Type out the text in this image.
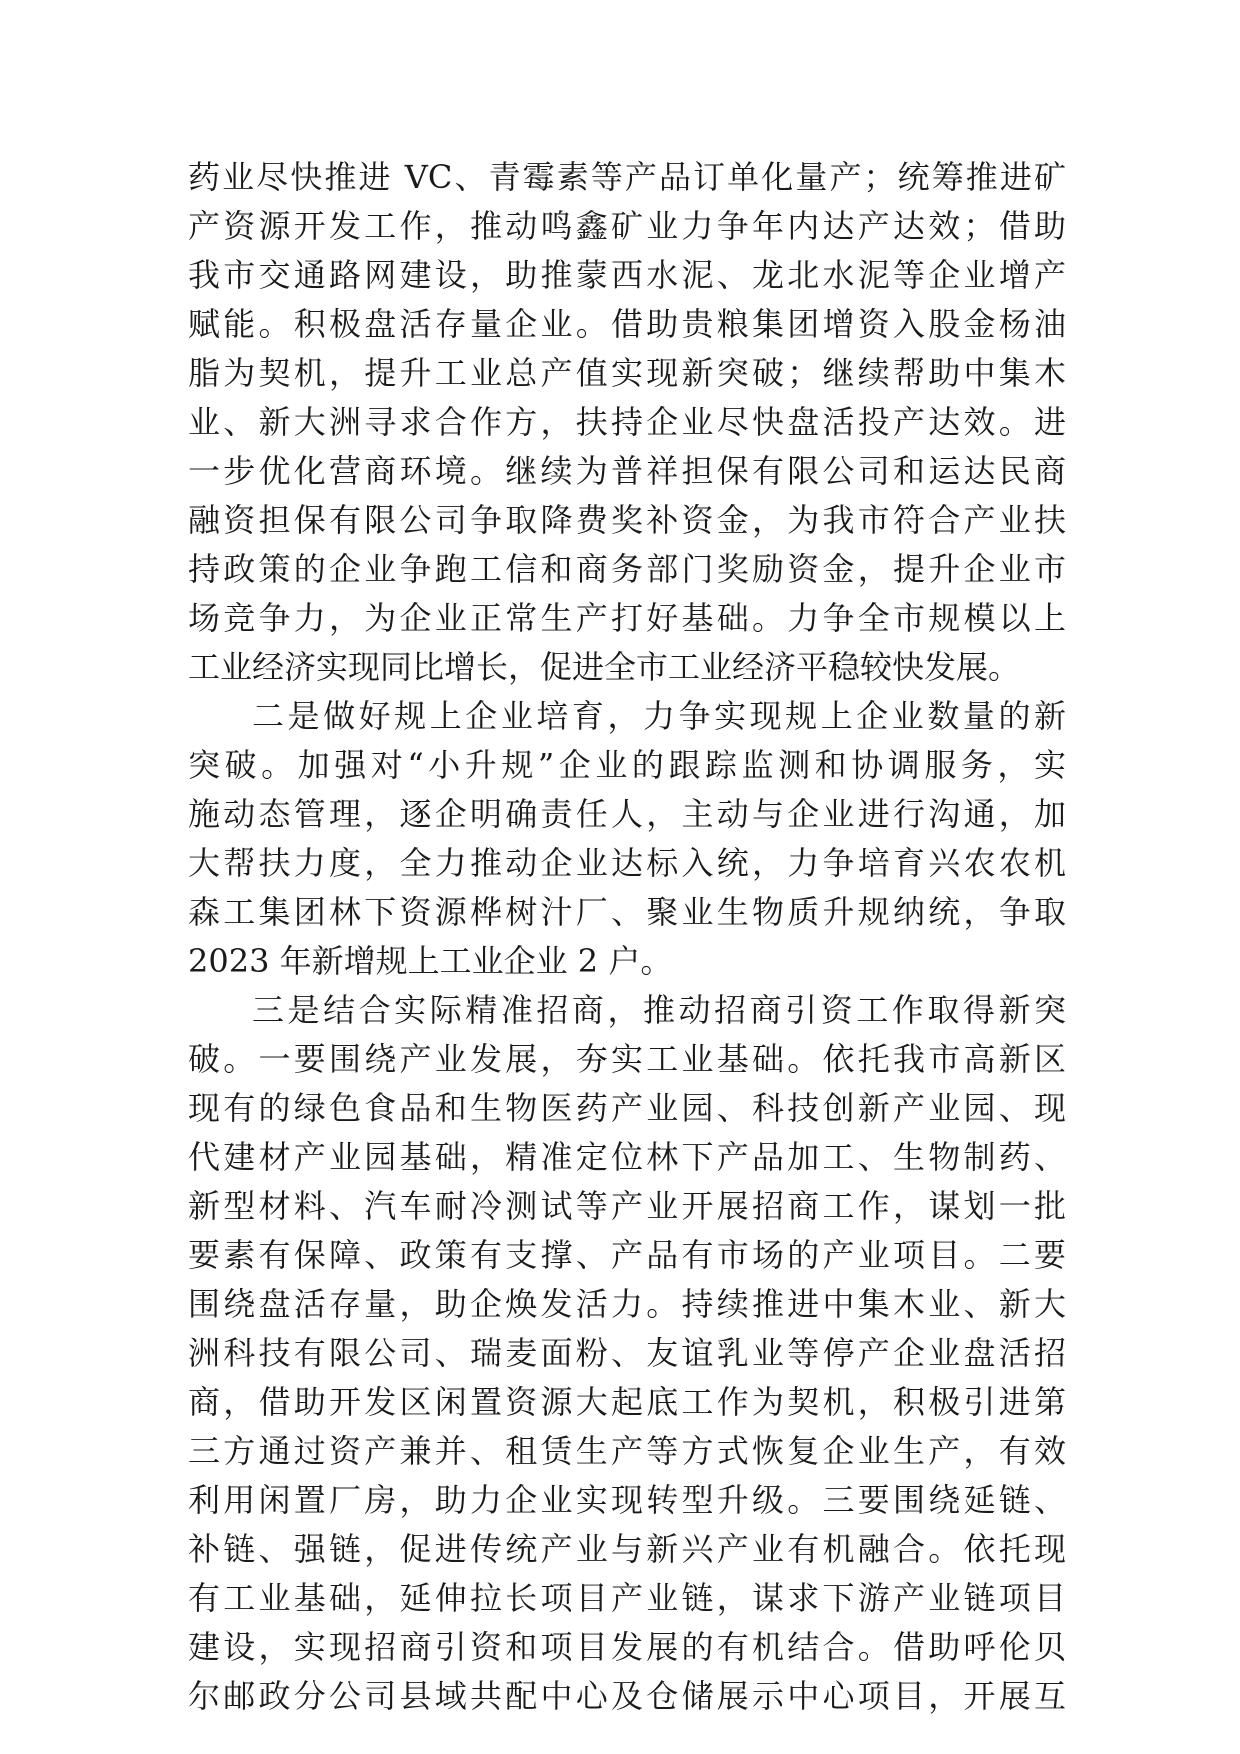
药业尽快推进 VC、青霉素等产品订单化量产；统筹推进矿
产资源开发工作，推动鸣鑫矿业力争年内达产达效；借助
我市交通路网建设，助推蒙西水泥、龙北水泥等企业增产
赋能。积极盘活存量企业。借助贵粮集团增资入股金杨油
脂为契机，提升工业总产值实现新突破；继续帮助中集木
业、新大洲寻求合作方，扶持企业尽快盘活投产达效。进
一步优化营商环境。继续为普祥担保有限公司和运达民商
融资担保有限公司争取降费奖补资金，为我市符合产业扶
持政策的企业争跑工信和商务部门奖励资金，提升企业市
场竞争力，为企业正常生产打好基础。力争全市规模以上
工业经济实现同比增长，促进全市工业经济平稳较快发展。
二是做好规上企业培育，力争实现规上企业数量的新
突破。加强对“小升规”企业的跟踪监测和协调服务，实
施动态管理，逐企明确责任人，主动与企业进行沟通，加
大帮扶力度，全力推动企业达标入统，力争培育兴农农机
森工集团林下资源桦树汁厂、聚业生物质升规纳统，争取
2023 年新增规上工业企业 2 户。
三是结合实际精准招商，推动招商引资工作取得新突
破。一要围绕产业发展，夯实工业基础。依托我市高新区
现有的绿色食品和生物医药产业园、科技创新产业园、现
代建材产业园基础，精准定位林下产品加工、生物制药、
新型材料、汽车耐冷测试等产业开展招商工作，谋划一批
要素有保障、政策有支撑、产品有市场的产业项目。二要
围绕盘活存量，助企焕发活力。持续推进中集木业、新大
洲科技有限公司、瑞麦面粉、友谊乳业等停产企业盘活招
商，借助开发区闲置资源大起底工作为契机，积极引进第
三方通过资产兼并、租赁生产等方式恢复企业生产，有效
利用闲置厂房，助力企业实现转型升级。三要围绕延链、
补链、强链，促进传统产业与新兴产业有机融合。依托现
有工业基础，延伸拉长项目产业链，谋求下游产业链项目
建设，实现招商引资和项目发展的有机结合。借助呼伦贝
尔邮政分公司县域共配中心及仓储展示中心项目，开展互
